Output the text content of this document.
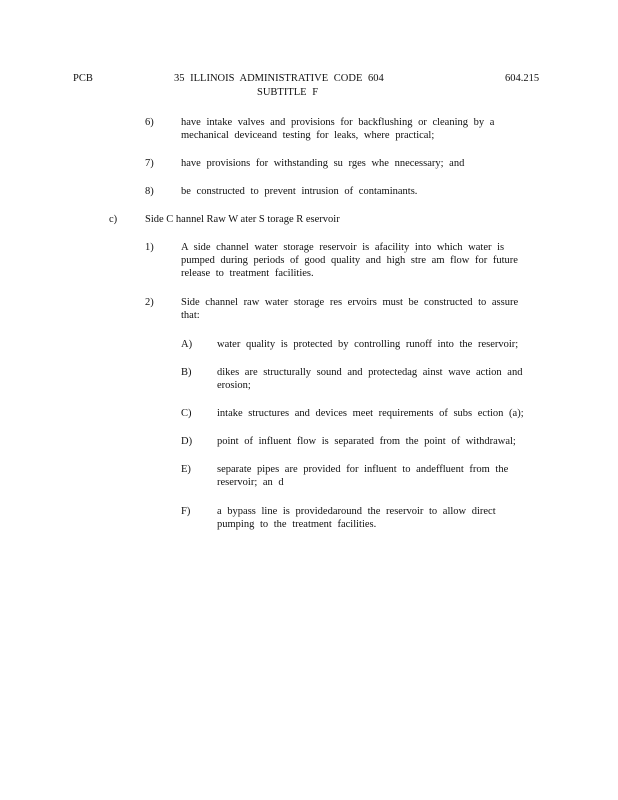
PCB	35 ILLINOIS ADMINISTRATIVE CODE 604
SUBTITLE F
604.215
6)	have intake valves and provisions for backflushing or cleaning by a mechanical deviceand testing for leaks, where practical;
7)	have provisions for withstanding su rges whe nnecessary; and
8)	be constructed to prevent intrusion of contaminants.
c)	Side C hannel Raw W ater S torage R eservoir
1)	A side channel water storage reservoir is afacility into which water is pumped during periods of good quality and high stre am flow for future release to treatment facilities.
2)	Side channel raw water storage res ervoirs must be constructed to assure that:
A) water quality is protected by controlling runoff into the reservoir;
B) dikes are structurally sound and protectedag ainst wave action and erosion;
C) intake structures and devices meet requirements of subs ection (a);
D) point of influent flow is separated from the point of withdrawal;
E) separate pipes are provided for influent to andeffluent from the reservoir; an d
F)	a bypass line is providedaround the reservoir to allow direct pumping to the treatment facilities.
